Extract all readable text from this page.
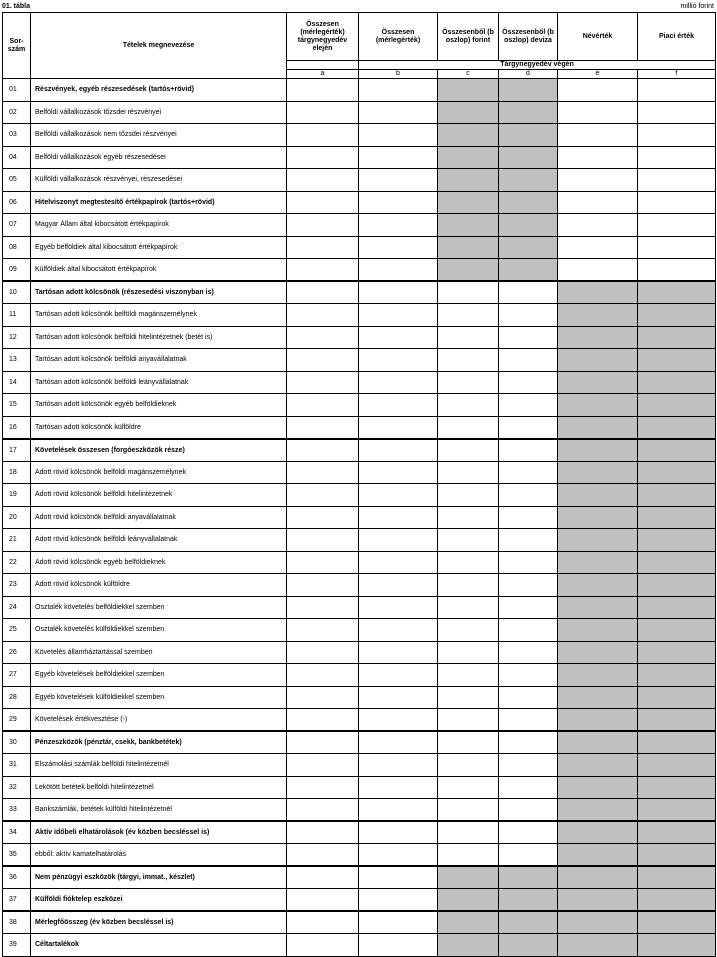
01. tábla	millió forint
Sor-
szám	Tételek megnevezése	Összesen (mérlegérték) tárgynegyedév elején	Összesen (mérlegérték)	Összesenből (b oszlop) forint	Összesenből (b oszlop) deviza	Névérték	Piaci érték
			Tárgynegyedév végén				
		a	b	c	d	e	f
01	Részvények, egyéb részesedések (tartós+rövid)						
02	Belföldi vállalkozások tőzsdei részvényei						
03	Belföldi vállalkozások nem tőzsdei részvényei						
04	Belföldi vállalkozások egyéb részesedései						
05	Külföldi vállalkozások részvényei, részesedései						
06	Hitelviszonyt megtestesítő értékpapírok (tartós+rövid)						
07	Magyar Állam által kibocsátott értékpapírok						
08	Egyéb belföldiek által kibocsátott értékpapírok						
09	Külföldiek által kibocsátott értékpapírok						
10	Tartósan adott kölcsönök (részesedési viszonyban is)						
11	Tartósan adott kölcsönök belföldi magánszemélynek						
12	Tartósan adott kölcsönök belföldi hitelintézetnek (betét is)						
13	Tartósan adott kölcsönök belföldi anyavállalatnak						
14	Tartósan adott kölcsönök belföldi leányvállalatnak						
15	Tartósan adott kölcsönök egyéb belföldieknek						
16	Tartósan adott kölcsönök külföldre						
17	Követelések összesen (forgóeszközök része)						
18	Adott rövid kölcsönök belföldi magánszemélynek						
19	Adott rövid kölcsönök belföldi hitelintézetnek						
20	Adott rövid kölcsönök belföldi anyavállalatnak						
21	Adott rövid kölcsönök belföldi leányvállalatnak						
22	Adott rövid kölcsönök egyéb belföldieknek						
23	Adott rövid kölcsönök külföldre						
24	Osztalék követelés belföldiekkel szemben						
25	Osztalék követelés külföldiekkel szemben						
26	Követelés államháztartással szemben						
27	Egyéb követelések belföldiekkel szemben						
28	Egyéb követelések külföldiekkel szemben						
29	Követelések értékvesztése (-)						
30	Pénzeszközök (pénztár, csekk, bankbetétek)						
31	Elszámolási számlák belföldi hitelintézetnél						
32	Lekötött betétek belföldi hitelintézetnél						
33	Bankszámlák, betétek külföldi hitelintézetnél						
34	Aktív időbeli elhatárolások (év közben becsléssel is)						
35	ebből: aktív kamatelhatárolás						
36	Nem pénzügyi eszközök (tárgyi, immat., készlet)						
37	Külföldi fióktelep eszközei						
38	Mérlegfőösszeg (év közben becsléssel is)						
39	Céltartalékok						
